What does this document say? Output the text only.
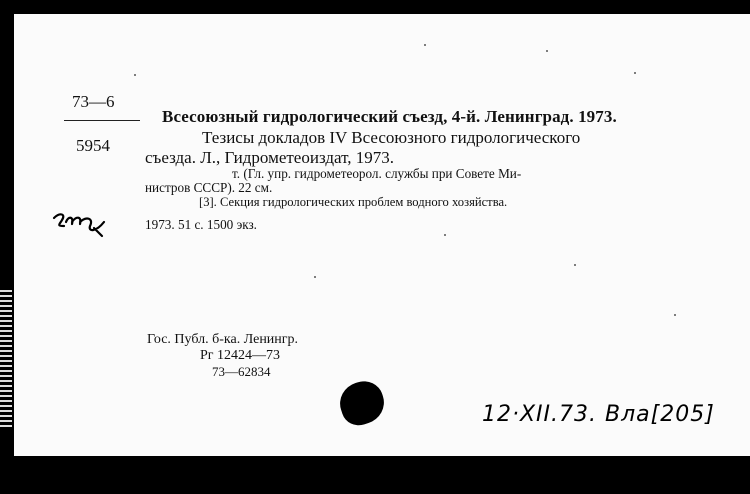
73—6
5954
Всесоюзный гидрологический съезд, 4-й. Ленинград. 1973.
Тезисы докладов IV Всесоюзного гидрологического
съезда. Л., Гидрометеоиздат, 1973.
т. (Гл. упр. гидрометеорол. службы при Совете Ми-
нистров СССР). 22 см.
[3]. Секция гидрологических проблем водного хозяйства.
1973. 51 с. 1500 экз.
Гос. Публ. б-ка. Ленингр.
Рг 12424—73
73—62834
12·XII.73. Вла[205]
